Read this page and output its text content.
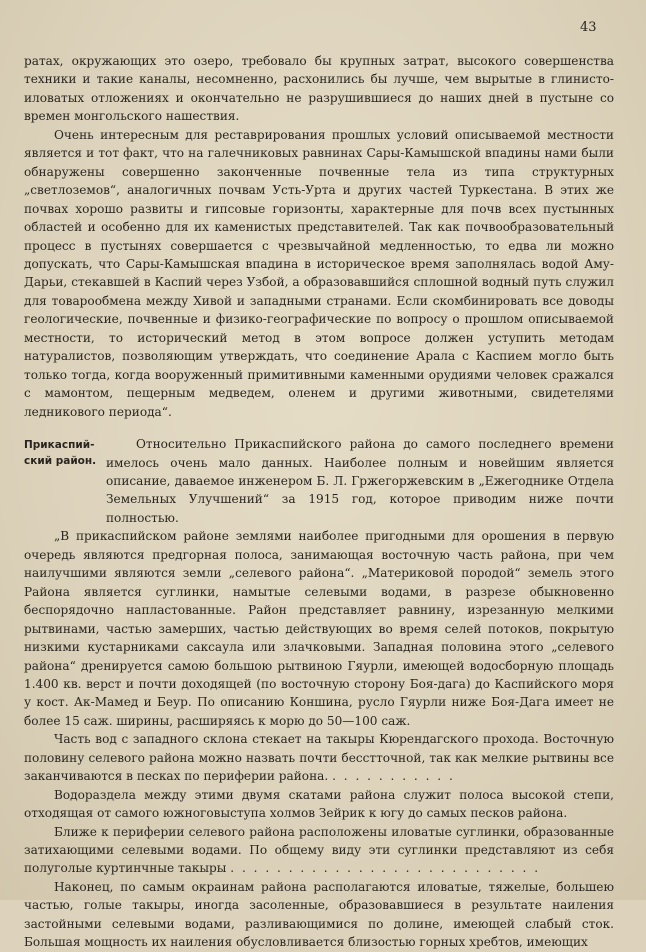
43

ратах, окружающих это озеро, требовало бы крупных затрат, высокого совершенства техники и такие каналы, несомненно, расхонились бы лучше, чем вырытые в глинисто-иловатых отложениях и окончательно не разрушившиеся до наших дней в пустыне со времен монгольского нашествия.

Очень интересным для реставрирования прошлых условий описываемой местности является и тот факт, что на галечниковых равнинах Сары-Камышской впадины нами были обнаружены совершенно законченные почвенные тела из типа структурных „светлоземов“, аналогичных почвам Усть-Урта и других частей Туркестана. В этих же почвах хорошо развиты и гипсовые горизонты, характерные для почв всех пустынных областей и особенно для их каменистых представителей. Так как почвообразовательный процесс в пустынях совершается с чрезвычайной медленностью, то едва ли можно допускать, что Сары-Камышская впадина в историческое время заполнялась водой Аму-Дарьи, стекавшей в Каспий через Узбой, а образовавшийся сплошной водный путь служил для товарообмена между Хивой и западными странами. Если скомбинировать все доводы геологические, почвенные и физико-географические по вопросу о прошлом описываемой местности, то исторический метод в этом вопросе должен уступить методам натуралистов, позволяющим утверждать, что соединение Арала с Каспием могло быть только тогда, когда вооруженный примитивными каменными орудиями человек сражался с мамонтом, пещерным медведем, оленем и другими животными, свидетелями ледникового периода“.

Прикаспий-ский район.

Относительно Прикаспийского района до самого последнего времени имелось очень мало данных. Наиболее полным и новейшим является описание, даваемое инженером Б. Л. Гржегоржевским в „Ежегоднике Отдела Земельных Улучшений“ за 1915 год, которое приводим ниже почти полностью.

„В прикаспийском районе землями наиболее пригодными для орошения в первую очередь являются предгорная полоса, занимающая восточную часть района, при чем наилучшими являются земли „селевого района“. „Материковой породой“ земель этого Района является суглинки, намытые селевыми водами, в разрезе обыкновенно беспорядочно напластованные. Район представляет равнину, изрезанную мелкими рытвинами, частью замерших, частью действующих во время селей потоков, покрытую низкими кустарниками саксаула или злачковыми. Западная половина этого „селевого района“ дренируется самою большою рытвиною Гяурли, имеющей водосборную площадь 1.400 кв. верст и почти доходящей (по восточную сторону Боя-дага) до Каспийского моря у кост. Ак-Мамед и Беур. По описанию Коншина, русло Гяурли ниже Боя-Дага имеет не более 15 саж. ширины, расширяясь к морю до 50—100 саж.

Часть вод с западного склона стекает на такыры Кюрендагского прохода. Восточную половину селевого района можно назвать почти бесстточной, так как мелкие рытвины все заканчиваются в песках по периферии района. . . . . . . . . . . .

Водораздела между этими двумя скатами района служит полоса высокой степи, отходящая от самого южноговыступа холмов Зейрик к югу до самых песков района.

Ближе к периферии селевого района расположены иловатые суглинки, образованные затихающими селевыми водами. По общему виду эти суглинки представляют из себя полуголые куртинчные такыры . . . . . . . . . . . . . . . . . . . . . . . . . . .

Наконец, по самым окраинам района располагаются иловатые, тяжелые, большею частью, голые такыры, иногда засоленные, образовавшиеся в результате наиления застойными селевыми водами, разливающимися по долине, имеющей слабый сток. Большая мощность их наиления обусловливается близостью горных хребтов, имеющих
